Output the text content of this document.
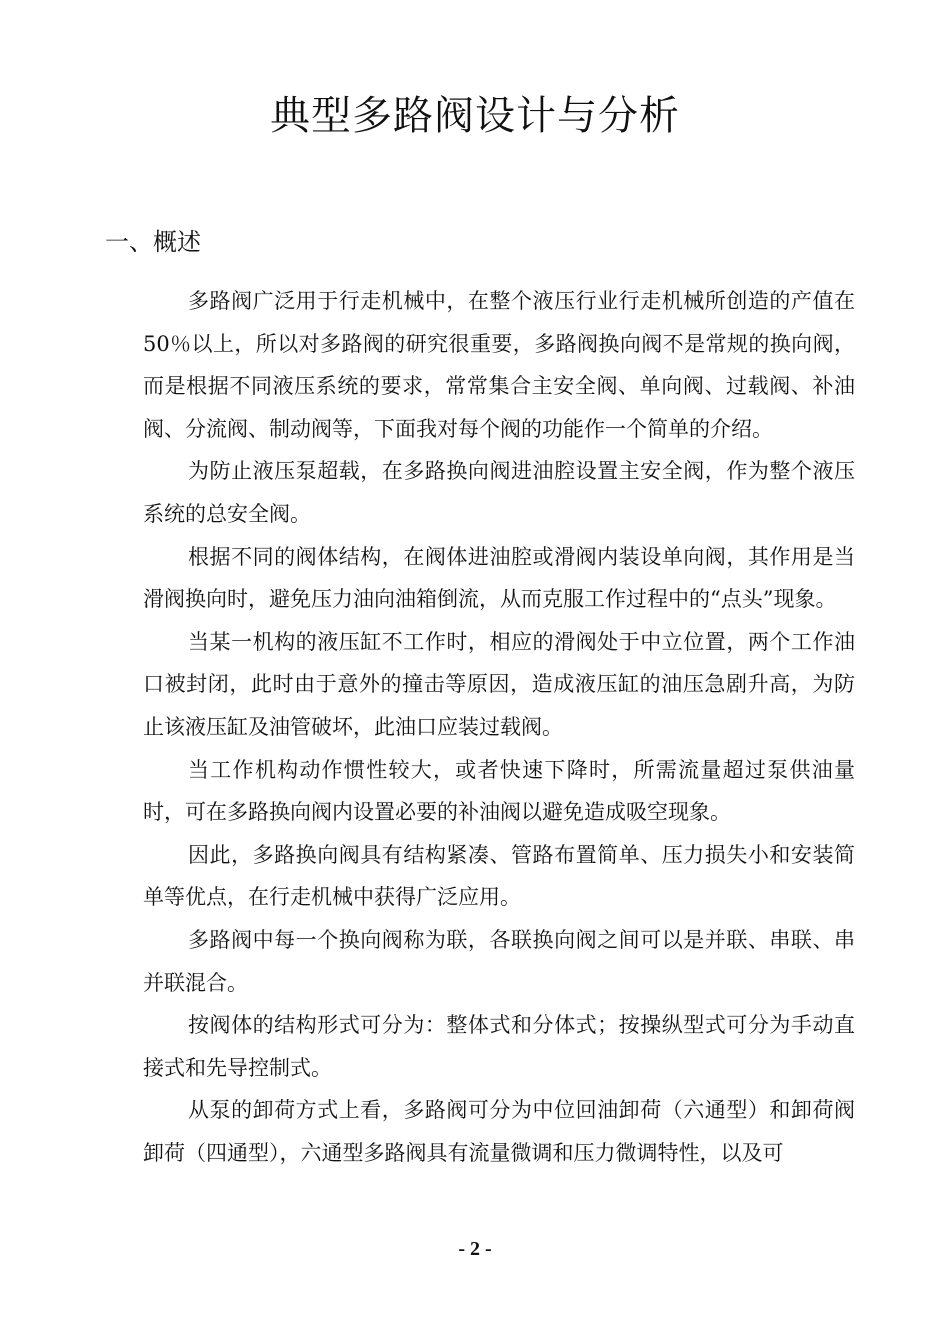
典型多路阀设计与分析
一、概述

多路阀广泛用于行走机械中，在整个液压行业行走机械所创造的产值在 50％以上，所以对多路阀的研究很重要，多路阀换向阀不是常规的换向阀，而是根据不同液压系统的要求，常常集合主安全阀、单向阀、过载阀、补油阀、分流阀、制动阀等，下面我对每个阀的功能作一个简单的介绍。

为防止液压泵超载，在多路换向阀进油腔设置主安全阀，作为整个液压系统的总安全阀。

根据不同的阀体结构，在阀体进油腔或滑阀内装设单向阀，其作用是当滑阀换向时，避免压力油向油箱倒流，从而克服工作过程中的“点头”现象。

当某一机构的液压缸不工作时，相应的滑阀处于中立位置，两个工作油口被封闭，此时由于意外的撞击等原因，造成液压缸的油压急剧升高，为防止该液压缸及油管破坏，此油口应装过载阀。

当工作机构动作惯性较大，或者快速下降时，所需流量超过泵供油量时，可在多路换向阀内设置必要的补油阀以避免造成吸空现象。

因此，多路换向阀具有结构紧凑、管路布置简单、压力损失小和安装简单等优点，在行走机械中获得广泛应用。

多路阀中每一个换向阀称为联，各联换向阀之间可以是并联、串联、串并联混合。

按阀体的结构形式可分为：整体式和分体式；按操纵型式可分为手动直接式和先导控制式。

从泵的卸荷方式上看，多路阀可分为中位回油卸荷（六通型）和卸荷阀卸荷（四通型），六通型多路阀具有流量微调和压力微调特性，以及可

- 2 -
